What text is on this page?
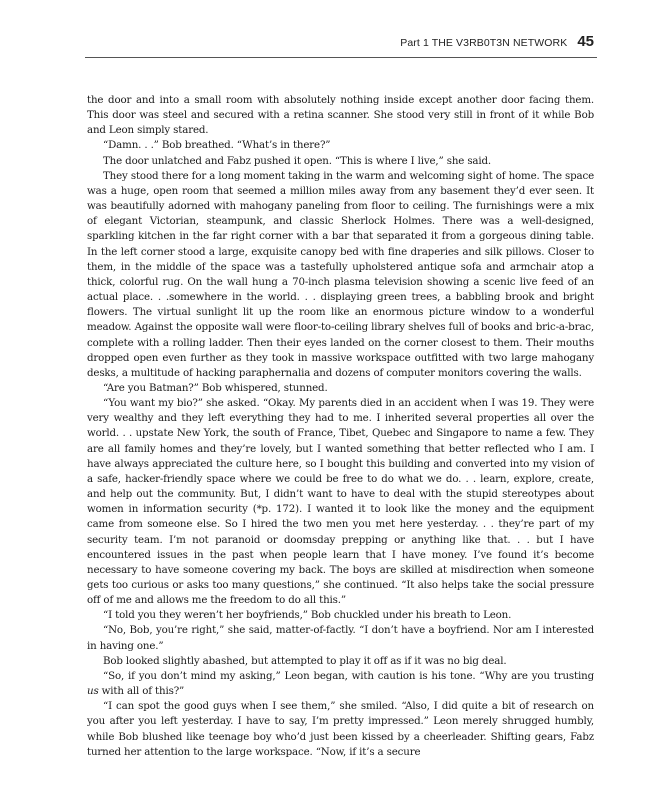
Part 1 THE V3RB0T3N NETWORK 45

the door and into a small room with absolutely nothing inside except another door facing them. This door was steel and secured with a retina scanner. She stood very still in front of it while Bob and Leon simply stared.

“Damn. . .” Bob breathed. “What’s in there?”

The door unlatched and Fabz pushed it open. “This is where I live,” she said.

They stood there for a long moment taking in the warm and welcoming sight of home. The space was a huge, open room that seemed a million miles away from any basement they’d ever seen. It was beautifully adorned with mahogany paneling from floor to ceiling. The furnishings were a mix of elegant Victorian, steampunk, and classic Sherlock Holmes. There was a well-designed, sparkling kitchen in the far right corner with a bar that separated it from a gorgeous dining table. In the left corner stood a large, exquisite canopy bed with fine draperies and silk pillows. Closer to them, in the middle of the space was a tastefully upholstered antique sofa and armchair atop a thick, colorful rug. On the wall hung a 70-inch plasma television showing a scenic live feed of an actual place. . .somewhere in the world. . . displaying green trees, a babbling brook and bright flowers. The virtual sunlight lit up the room like an enormous picture window to a wonderful meadow. Against the opposite wall were floor-to-ceiling library shelves full of books and bric-a-brac, complete with a rolling ladder. Then their eyes landed on the corner closest to them. Their mouths dropped open even further as they took in massive workspace outfitted with two large mahogany desks, a multitude of hacking paraphernalia and dozens of computer monitors covering the walls.

“Are you Batman?” Bob whispered, stunned.

“You want my bio?” she asked. “Okay. My parents died in an accident when I was 19. They were very wealthy and they left everything they had to me. I inherited several properties all over the world. . . upstate New York, the south of France, Tibet, Quebec and Singapore to name a few. They are all family homes and they’re lovely, but I wanted something that better reflected who I am. I have always appreciated the culture here, so I bought this building and converted into my vision of a safe, hacker-friendly space where we could be free to do what we do. . . learn, explore, create, and help out the community. But, I didn’t want to have to deal with the stupid stereotypes about women in information security (*p. 172). I wanted it to look like the money and the equipment came from someone else. So I hired the two men you met here yesterday. . . they’re part of my security team. I’m not paranoid or doomsday prepping or anything like that. . . but I have encountered issues in the past when people learn that I have money. I’ve found it’s become necessary to have someone covering my back. The boys are skilled at misdirection when someone gets too curious or asks too many questions,” she continued. “It also helps take the social pressure off of me and allows me the freedom to do all this.”

“I told you they weren’t her boyfriends,” Bob chuckled under his breath to Leon.

“No, Bob, you’re right,” she said, matter-of-factly. “I don’t have a boyfriend. Nor am I interested in having one.”

Bob looked slightly abashed, but attempted to play it off as if it was no big deal.

“So, if you don’t mind my asking,” Leon began, with caution is his tone. “Why are you trusting us with all of this?”

“I can spot the good guys when I see them,” she smiled. “Also, I did quite a bit of research on you after you left yesterday. I have to say, I’m pretty impressed.” Leon merely shrugged humbly, while Bob blushed like teenage boy who’d just been kissed by a cheerleader. Shifting gears, Fabz turned her attention to the large workspace. “Now, if it’s a secure
